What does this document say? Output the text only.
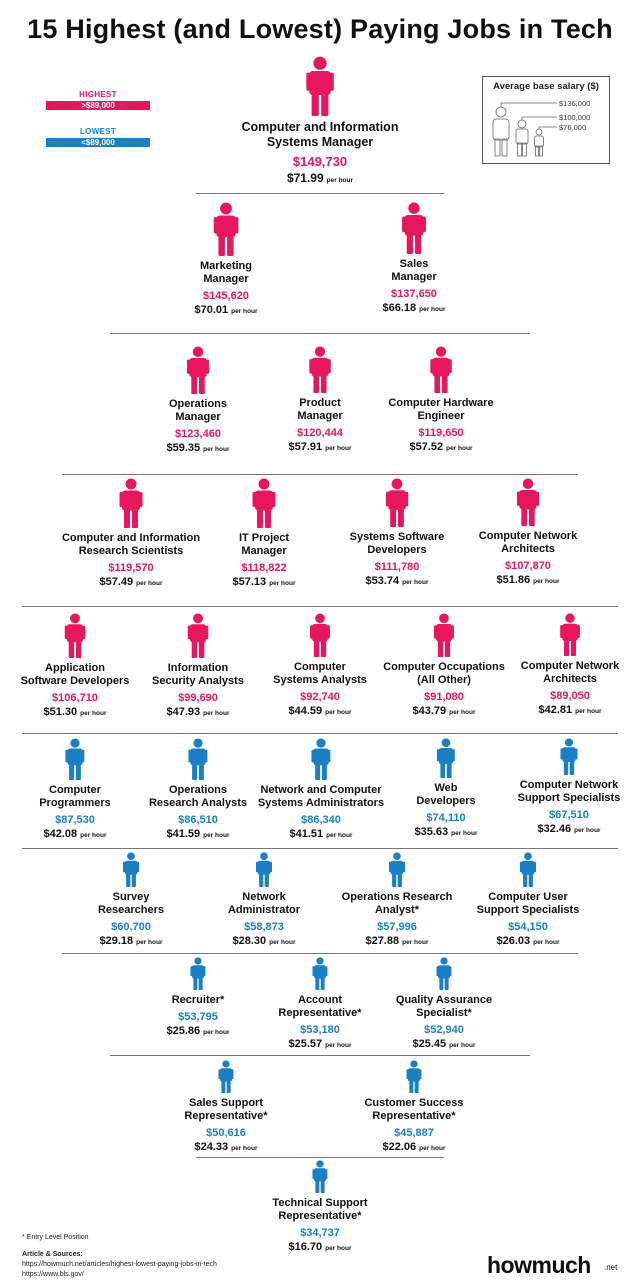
15 Highest (and Lowest) Paying Jobs in Tech
HIGHEST
>$89,000
LOWEST
<$89,000
Average base salary ($)
$136,000
$100,000
$76,000
Computer and Information
Systems Manager
$149,730
$71.99 per hour
Marketing
Manager
$145,620
$70.01 per hour
Sales
Manager
$137,650
$66.18 per hour
Operations
Manager
$123,460
$59.35 per hour
Product
Manager
$120,444
$57.91 per hour
Computer Hardware
Engineer
$119,650
$57.52 per hour
Computer and Information
Research Scientists
$119,570
$57.49 per hour
IT Project
Manager
$118,822
$57.13 per hour
Systems Software
Developers
$111,780
$53.74 per hour
Computer Network
Architects
$107,870
$51.86 per hour
Application
Software Developers
$106,710
$51.30 per hour
Information
Security Analysts
$99,690
$47.93 per hour
Computer
Systems Analysts
$92,740
$44.59 per hour
Computer Occupations
(All Other)
$91,080
$43.79 per hour
Computer Network
Architects
$89,050
$42.81 per hour
Computer
Programmers
$87,530
$42.08 per hour
Operations
Research Analysts
$86,510
$41.59 per hour
Network and Computer
Systems Administrators
$86,340
$41.51 per hour
Web
Developers
$74,110
$35.63 per hour
Computer Network
Support Specialists
$67,510
$32.46 per hour
Survey
Researchers
$60,700
$29.18 per hour
Network
Administrator
$58,873
$28.30 per hour
Operations Research
Analyst*
$57,996
$27.88 per hour
Computer User
Support Specialists
$54,150
$26.03 per hour
Recruiter*
$53,795
$25.86 per hour
Account
Representative*
$53,180
$25.57 per hour
Quality Assurance
Specialist*
$52,940
$25.45 per hour
Sales Support
Representative*
$50,616
$24.33 per hour
Customer Success
Representative*
$45,887
$22.06 per hour
Technical Support
Representative*
$34,737
$16.70 per hour
* Entry Level Position
Article & Sources:
https://howmuch.net/articles/highest-lowest-paying-jobs-in-tech
https://www.bls.gov/	howmuch .net
